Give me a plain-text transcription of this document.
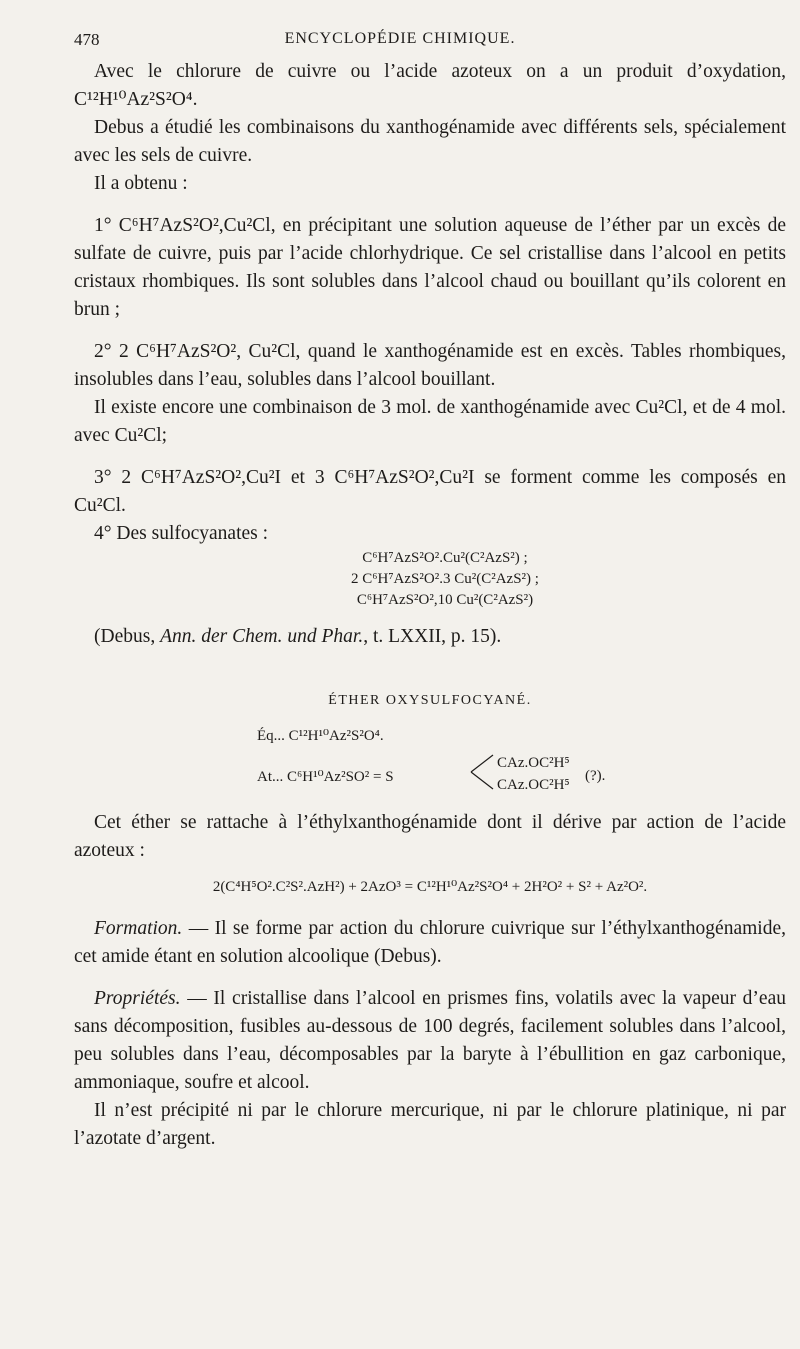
478	ENCYCLOPÉDIE CHIMIQUE.

Avec le chlorure de cuivre ou l’acide azoteux on a un produit d’oxydation, C¹²H¹⁰Az²S²O⁴.

Debus a étudié les combinaisons du xanthogénamide avec différents sels, spécialement avec les sels de cuivre.

Il a obtenu :

1° C⁶H⁷AzS²O²,Cu²Cl, en précipitant une solution aqueuse de l’éther par un excès de sulfate de cuivre, puis par l’acide chlorhydrique. Ce sel cristallise dans l’alcool en petits cristaux rhombiques. Ils sont solubles dans l’alcool chaud ou bouillant qu’ils colorent en brun ;

2° 2 C⁶H⁷AzS²O², Cu²Cl, quand le xanthogénamide est en excès. Tables rhombiques, insolubles dans l’eau, solubles dans l’alcool bouillant.

Il existe encore une combinaison de 3 mol. de xanthogénamide avec Cu²Cl, et de 4 mol. avec Cu²Cl;

3° 2 C⁶H⁷AzS²O²,Cu²I et 3 C⁶H⁷AzS²O²,Cu²I se forment comme les composés en Cu²Cl.

4° Des sulfocyanates :

C⁶H⁷AzS²O².Cu²(C²AzS²) ;
2 C⁶H⁷AzS²O².3 Cu²(C²AzS²) ;
C⁶H⁷AzS²O²,10 Cu²(C²AzS²)

(Debus, Ann. der Chem. und Phar., t. LXXII, p. 15).

ÉTHER OXYSULFOCYANÉ.
Éq... C¹²H¹⁰Az²S²O⁴.
At... C⁶H¹⁰Az²SO² = S
CAz.OC²H⁵
CAz.OC²H⁵
(?).

Cet éther se rattache à l’éthylxanthogénamide dont il dérive par action de l’acide azoteux :

2(C⁴H⁵O².C²S².AzH²) + 2AzO³ = C¹²H¹⁰Az²S²O⁴ + 2H²O² + S² + Az²O².

Formation. — Il se forme par action du chlorure cuivrique sur l’éthylxanthogénamide, cet amide étant en solution alcoolique (Debus).

Propriétés. — Il cristallise dans l’alcool en prismes fins, volatils avec la vapeur d’eau sans décomposition, fusibles au-dessous de 100 degrés, facilement solubles dans l’alcool, peu solubles dans l’eau, décomposables par la baryte à l’ébullition en gaz carbonique, ammoniaque, soufre et alcool.

Il n’est précipité ni par le chlorure mercurique, ni par le chlorure platinique, ni par l’azotate d’argent.
